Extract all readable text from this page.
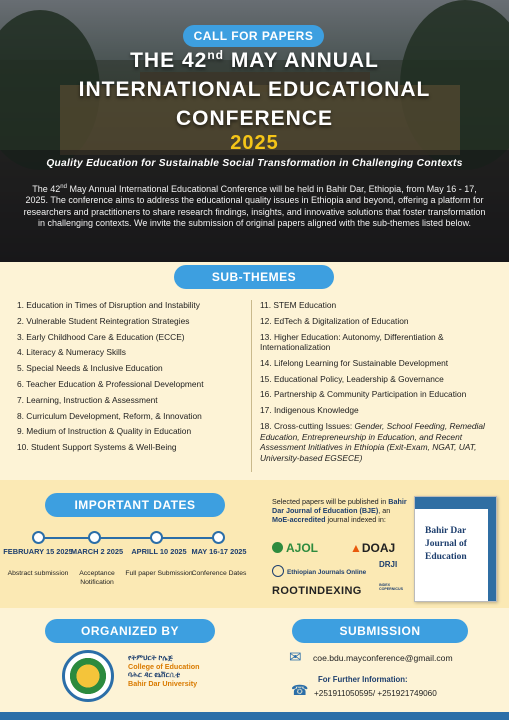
CALL FOR PAPERS
THE 42nd MAY ANNUAL
INTERNATIONAL EDUCATIONAL
CONFERENCE
2025
Quality Education for Sustainable Social Transformation in Challenging Contexts
The 42nd May Annual International Educational Conference will be held in Bahir Dar, Ethiopia, from May 16 - 17, 2025. The conference aims to address the educational quality issues in Ethiopia and beyond, offering a platform for researchers and practitioners to share research findings, insights, and innovative solutions that foster transformation in challenging contexts. We invite the submission of original papers aligned with the sub-themes listed below.
SUB-THEMES
1. Education in Times of Disruption and Instability
2. Vulnerable Student Reintegration Strategies
3. Early Childhood Care & Education (ECCE)
4. Literacy & Numeracy Skills
5. Special Needs & Inclusive Education
6. Teacher Education & Professional Development
7. Learning, Instruction & Assessment
8. Curriculum Development, Reform, & Innovation
9. Medium of Instruction & Quality in Education
10. Student Support Systems & Well-Being
11. STEM Education
12. EdTech & Digitalization of Education
13. Higher Education: Autonomy, Differentiation & Internationalization
14. Lifelong Learning for Sustainable Development
15. Educational Policy, Leadership & Governance
16. Partnership & Community Participation in Education
17. Indigenous Knowledge
18. Cross-cutting Issues: Gender, School Feeding, Remedial Education, Entrepreneurship in Education, and Recent Assessment Initiatives in Ethiopia (Exit-Exam, NGAT, UAT, University-based EGSECE)
IMPORTANT DATES
FEBRUARY 15 2025
Abstract submission
MARCH 2 2025
Acceptance Notification
APRILL 10 2025
Full paper Submission
MAY 16-17 2025
Conference Dates
Selected papers will be published in Bahir Dar Journal of Education (BJE), an MoE-accredited journal indexed in:
AJOL	▲DOAJ
Ethiopian Journals Online
DRJI
ROOTINDEXING	INDEX COPERNICUS
Bahir Dar Journal of Education
ORGANIZED BY
የትምህርት ኮሌጅ
College of Education
ባሕር ዳር ዩኒቨርሲቲ
Bahir Dar University
SUBMISSION
✉ coe.bdu.mayconference@gmail.com
For Further Information:
☎ +251911050595/ +251921749060
